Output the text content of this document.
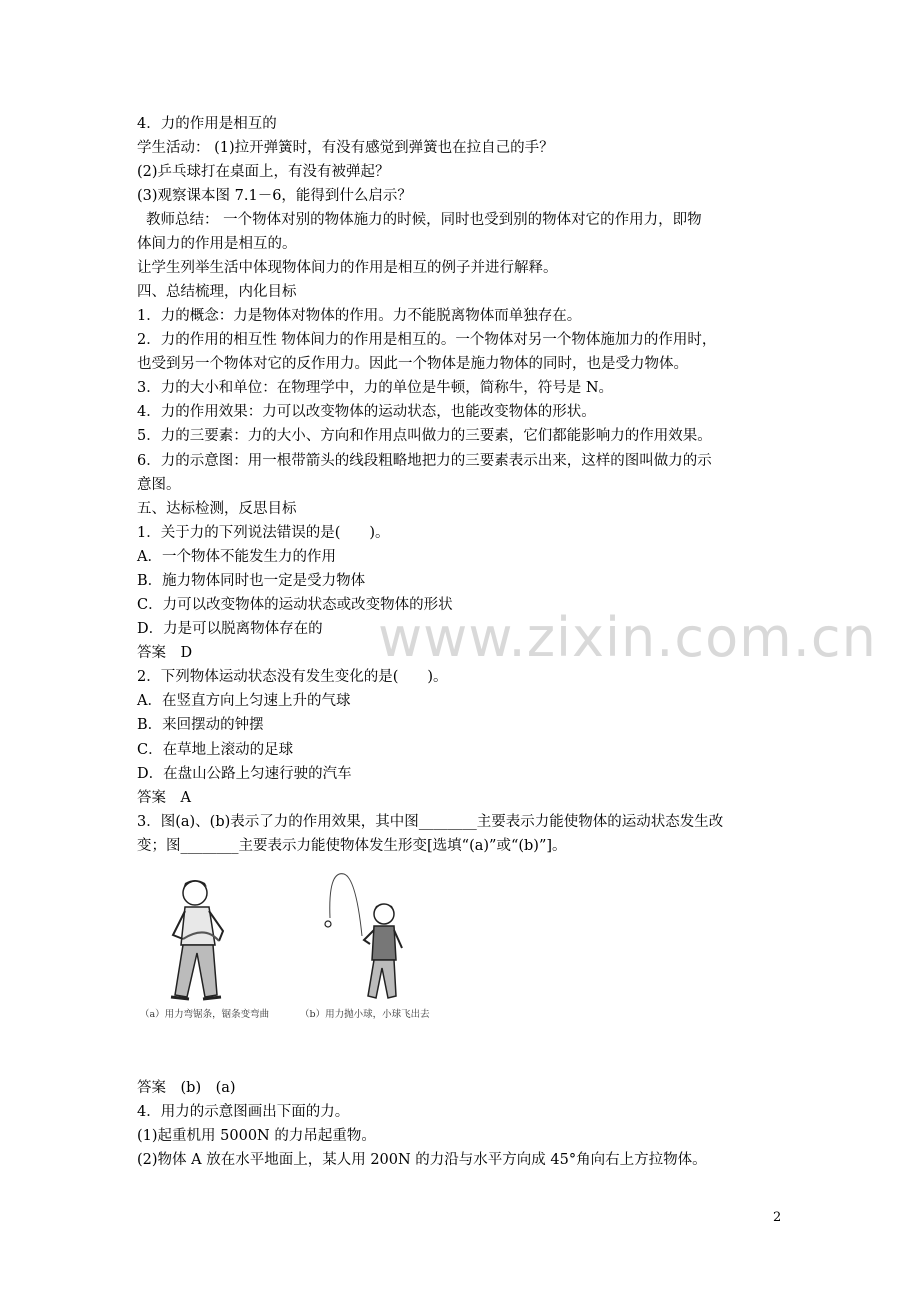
4．力的作用是相互的
学生活动： (1)拉开弹簧时，有没有感觉到弹簧也在拉自己的手？
(2)乒乓球打在桌面上，有没有被弹起？
(3)观察课本图 7.1－6，能得到什么启示？
教师总结： 一个物体对别的物体施力的时候，同时也受到别的物体对它的作用力，即物
体间力的作用是相互的。
让学生列举生活中体现物体间力的作用是相互的例子并进行解释。
四、总结梳理，内化目标
1．力的概念：力是物体对物体的作用。力不能脱离物体而单独存在。
2．力的作用的相互性 物体间力的作用是相互的。一个物体对另一个物体施加力的作用时，
也受到另一个物体对它的反作用力。因此一个物体是施力物体的同时，也是受力物体。
3．力的大小和单位：在物理学中，力的单位是牛顿，简称牛，符号是 N。
4．力的作用效果：力可以改变物体的运动状态，也能改变物体的形状。
5．力的三要素：力的大小、方向和作用点叫做力的三要素，它们都能影响力的作用效果。
6．力的示意图：用一根带箭头的线段粗略地把力的三要素表示出来，这样的图叫做力的示
意图。
五、达标检测，反思目标
1．关于力的下列说法错误的是(　　)。
A．一个物体不能发生力的作用
B．施力物体同时也一定是受力物体
C．力可以改变物体的运动状态或改变物体的形状
D．力是可以脱离物体存在的
答案　D
2．下列物体运动状态没有发生变化的是(　　)。
A．在竖直方向上匀速上升的气球
B．来回摆动的钟摆
C．在草地上滚动的足球
D．在盘山公路上匀速行驶的汽车
答案　A
3．图(a)、(b)表示了力的作用效果，其中图________主要表示力能使物体的运动状态发生改
变；图________主要表示力能使物体发生形变[选填“(a)”或“(b)”]。
（a）用力弯锯条，锯条变弯曲	（b）用力抛小球，小球飞出去
答案　(b)　(a)
4．用力的示意图画出下面的力。
(1)起重机用 5000N 的力吊起重物。
(2)物体 A 放在水平地面上，某人用 200N 的力沿与水平方向成 45°角向右上方拉物体。
www.zixin.com.cn
2
